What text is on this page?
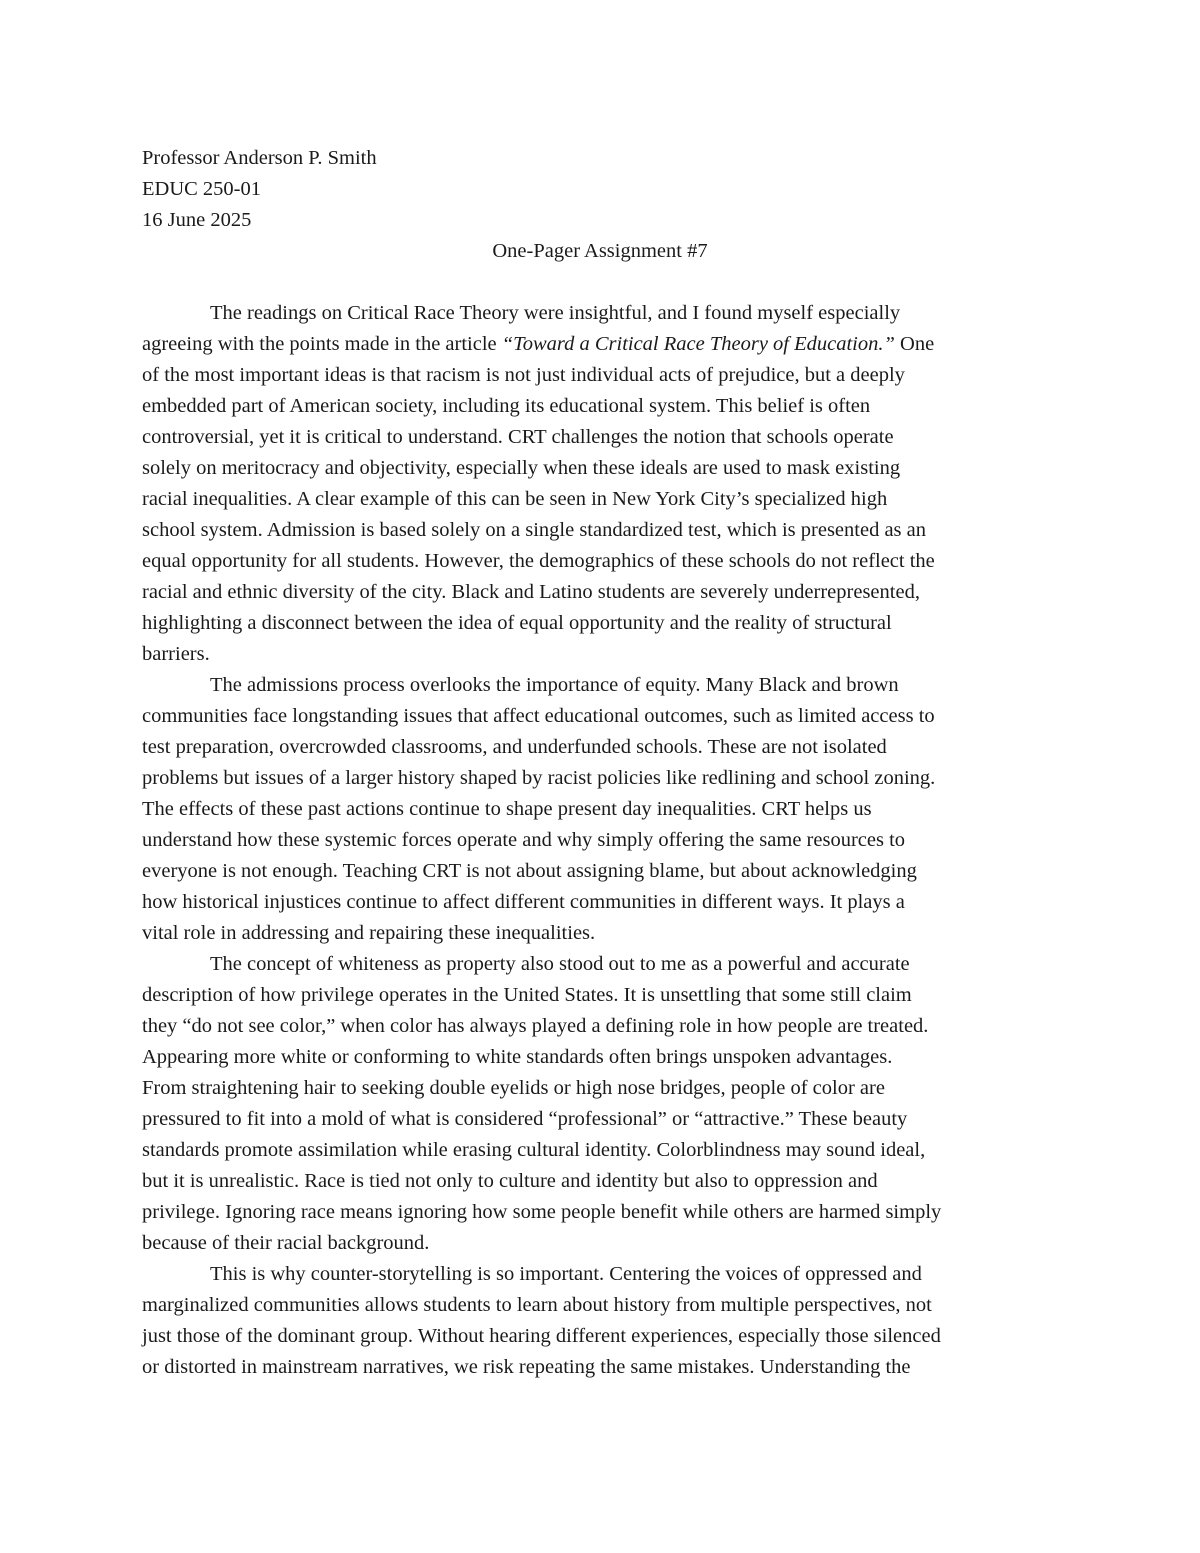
Professor Anderson P. Smith
EDUC 250-01
16 June 2025
One-Pager Assignment #7
The readings on Critical Race Theory were insightful, and I found myself especially
agreeing with the points made in the article “Toward a Critical Race Theory of Education.” One
of the most important ideas is that racism is not just individual acts of prejudice, but a deeply
embedded part of American society, including its educational system. This belief is often
controversial, yet it is critical to understand. CRT challenges the notion that schools operate
solely on meritocracy and objectivity, especially when these ideals are used to mask existing
racial inequalities. A clear example of this can be seen in New York City’s specialized high
school system. Admission is based solely on a single standardized test, which is presented as an
equal opportunity for all students. However, the demographics of these schools do not reflect the
racial and ethnic diversity of the city. Black and Latino students are severely underrepresented,
highlighting a disconnect between the idea of equal opportunity and the reality of structural
barriers.
The admissions process overlooks the importance of equity. Many Black and brown
communities face longstanding issues that affect educational outcomes, such as limited access to
test preparation, overcrowded classrooms, and underfunded schools. These are not isolated
problems but issues of a larger history shaped by racist policies like redlining and school zoning.
The effects of these past actions continue to shape present day inequalities. CRT helps us
understand how these systemic forces operate and why simply offering the same resources to
everyone is not enough. Teaching CRT is not about assigning blame, but about acknowledging
how historical injustices continue to affect different communities in different ways. It plays a
vital role in addressing and repairing these inequalities.
The concept of whiteness as property also stood out to me as a powerful and accurate
description of how privilege operates in the United States. It is unsettling that some still claim
they “do not see color,” when color has always played a defining role in how people are treated.
Appearing more white or conforming to white standards often brings unspoken advantages.
From straightening hair to seeking double eyelids or high nose bridges, people of color are
pressured to fit into a mold of what is considered “professional” or “attractive.” These beauty
standards promote assimilation while erasing cultural identity. Colorblindness may sound ideal,
but it is unrealistic. Race is tied not only to culture and identity but also to oppression and
privilege. Ignoring race means ignoring how some people benefit while others are harmed simply
because of their racial background.
This is why counter-storytelling is so important. Centering the voices of oppressed and
marginalized communities allows students to learn about history from multiple perspectives, not
just those of the dominant group. Without hearing different experiences, especially those silenced
or distorted in mainstream narratives, we risk repeating the same mistakes. Understanding the
